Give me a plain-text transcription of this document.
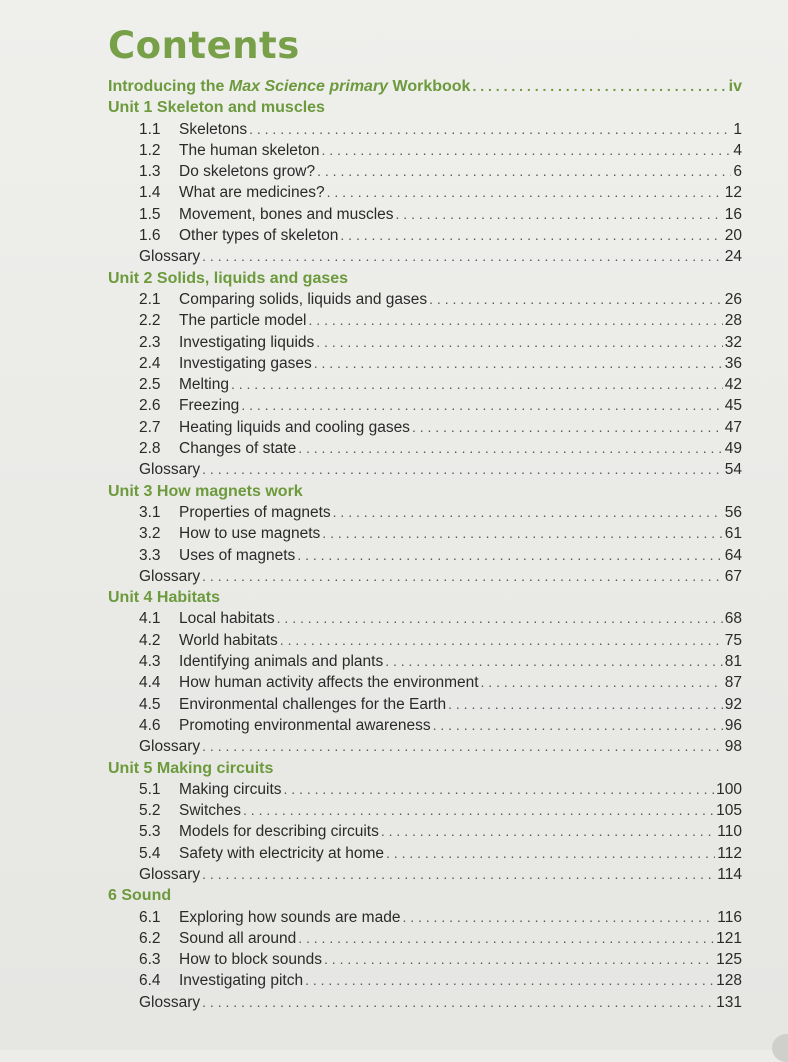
Contents
Introducing the Max Science primary Workbook . . .	iv
Unit 1 Skeleton and muscles
1.1	Skeletons . . .	1
1.2	The human skeleton . . .	4
1.3	Do skeletons grow? . . .	6
1.4	What are medicines? . . .	12
1.5	Movement, bones and muscles . . .	16
1.6	Other types of skeleton . . .	20
Glossary . . .	24
Unit 2 Solids, liquids and gases
2.1	Comparing solids, liquids and gases . . .	26
2.2	The particle model . . .	28
2.3	Investigating liquids . . .	32
2.4	Investigating gases . . .	36
2.5	Melting . . .	42
2.6	Freezing . . .	45
2.7	Heating liquids and cooling gases . . .	47
2.8	Changes of state . . .	49
Glossary . . .	54
Unit 3 How magnets work
3.1	Properties of magnets . . .	56
3.2	How to use magnets . . .	61
3.3	Uses of magnets . . .	64
Glossary . . .	67
Unit 4 Habitats
4.1	Local habitats . . .	68
4.2	World habitats . . .	75
4.3	Identifying animals and plants . . .	81
4.4	How human activity affects the environment . . .	87
4.5	Environmental challenges for the Earth . . .	92
4.6	Promoting environmental awareness . . .	96
Glossary . . .	98
Unit 5 Making circuits
5.1	Making circuits . . .	100
5.2	Switches . . .	105
5.3	Models for describing circuits . . .	110
5.4	Safety with electricity at home . . .	112
Glossary . . .	114
6 Sound
6.1	Exploring how sounds are made . . .	116
6.2	Sound all around . . .	121
6.3	How to block sounds . . .	125
6.4	Investigating pitch . . .	128
Glossary . . .	131
